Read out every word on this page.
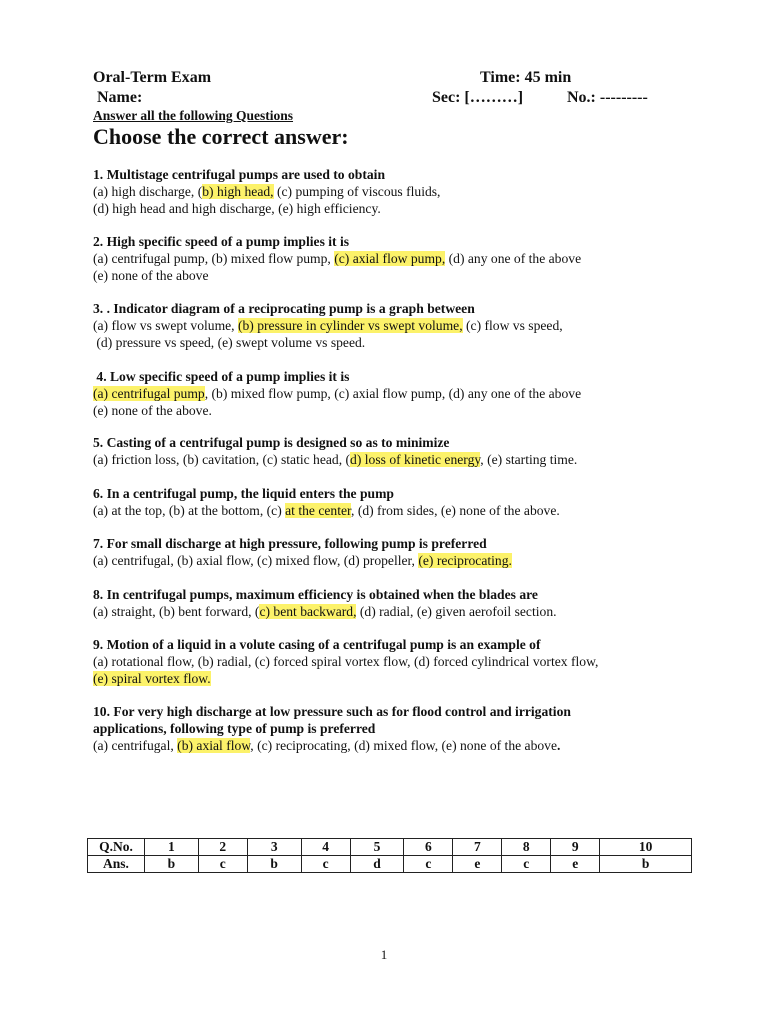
Oral-Term Exam	Time: 45 min
Name:	Sec: [………]	No.: ---------
Answer all the following Questions
Choose the correct answer:
1. Multistage centrifugal pumps are used to obtain
(a) high discharge, (b) high head, (c) pumping of viscous fluids,
(d) high head and high discharge, (e) high efficiency.
2. High specific speed of a pump implies it is
(a) centrifugal pump, (b) mixed flow pump, (c) axial flow pump, (d) any one of the above
(e) none of the above
3. . Indicator diagram of a reciprocating pump is a graph between
(a) flow vs swept volume, (b) pressure in cylinder vs swept volume, (c) flow vs speed,
(d) pressure vs speed, (e) swept volume vs speed.
4. Low specific speed of a pump implies it is
(a) centrifugal pump, (b) mixed flow pump, (c) axial flow pump, (d) any one of the above
(e) none of the above.
5. Casting of a centrifugal pump is designed so as to minimize
(a) friction loss, (b) cavitation, (c) static head, (d) loss of kinetic energy, (e) starting time.
6. In a centrifugal pump, the liquid enters the pump
(a) at the top, (b) at the bottom, (c) at the center, (d) from sides, (e) none of the above.
7. For small discharge at high pressure, following pump is preferred
(a) centrifugal, (b) axial flow, (c) mixed flow, (d) propeller, (e) reciprocating.
8. In centrifugal pumps, maximum efficiency is obtained when the blades are
(a) straight, (b) bent forward, (c) bent backward, (d) radial, (e) given aerofoil section.
9. Motion of a liquid in a volute casing of a centrifugal pump is an example of
(a) rotational flow, (b) radial, (c) forced spiral vortex flow, (d) forced cylindrical vortex flow,
(e) spiral vortex flow.
10. For very high discharge at low pressure such as for flood control and irrigation
applications, following type of pump is preferred
(a) centrifugal, (b) axial flow, (c) reciprocating, (d) mixed flow, (e) none of the above.
Q.No.	1	2	3	4	5	6	7	8	9	10
Ans.	b	c	b	c	d	c	e	c	e	b
1
